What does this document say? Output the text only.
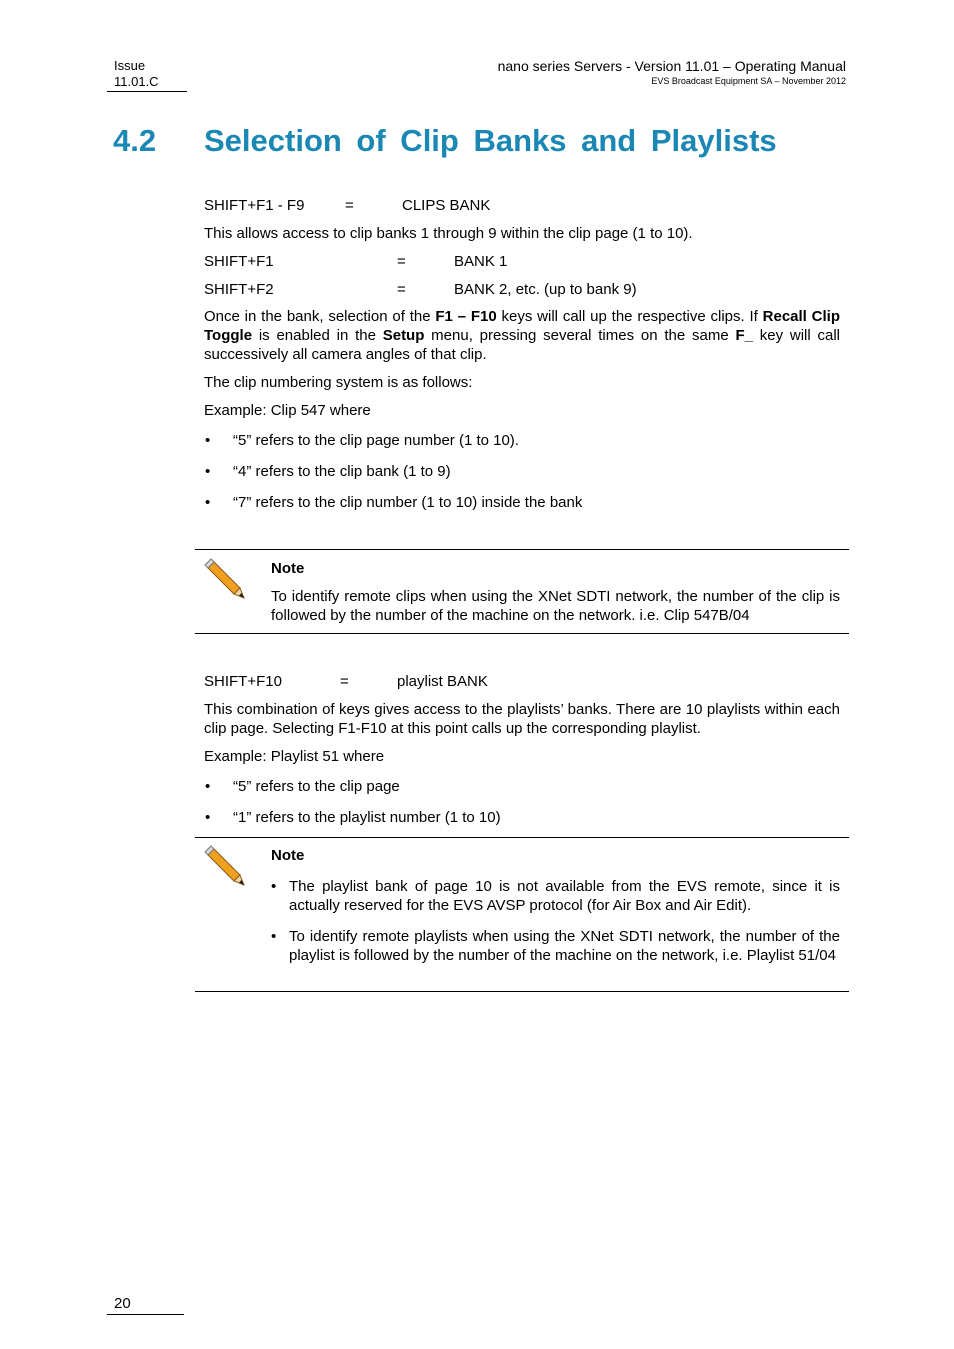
Issue
11.01.C
nano series Servers - Version 11.01 – Operating Manual
EVS Broadcast Equipment SA – November 2012
4.2 Selection of Clip Banks and Playlists
SHIFT+F1 - F9	=	CLIPS BANK
This allows access to clip banks 1 through 9 within the clip page (1 to 10).
SHIFT+F1	=	BANK 1
SHIFT+F2	=	BANK 2, etc. (up to bank 9)
Once in the bank, selection of the F1 – F10 keys will call up the respective clips. If Recall Clip Toggle is enabled in the Setup menu, pressing several times on the same F_ key will call successively all camera angles of that clip.
The clip numbering system is as follows:
Example: Clip 547 where
• “5” refers to the clip page number (1 to 10).
• “4” refers to the clip bank (1 to 9)
• “7” refers to the clip number (1 to 10) inside the bank
Note
To identify remote clips when using the XNet SDTI network, the number of the clip is followed by the number of the machine on the network. i.e. Clip 547B/04
SHIFT+F10	=	playlist BANK
This combination of keys gives access to the playlists’ banks. There are 10 playlists within each clip page. Selecting F1-F10 at this point calls up the corresponding playlist.
Example: Playlist 51 where
• “5” refers to the clip page
• “1” refers to the playlist number (1 to 10)
Note
• The playlist bank of page 10 is not available from the EVS remote, since it is actually reserved for the EVS AVSP protocol (for Air Box and Air Edit).
• To identify remote playlists when using the XNet SDTI network, the number of the playlist is followed by the number of the machine on the network, i.e. Playlist 51/04
20
